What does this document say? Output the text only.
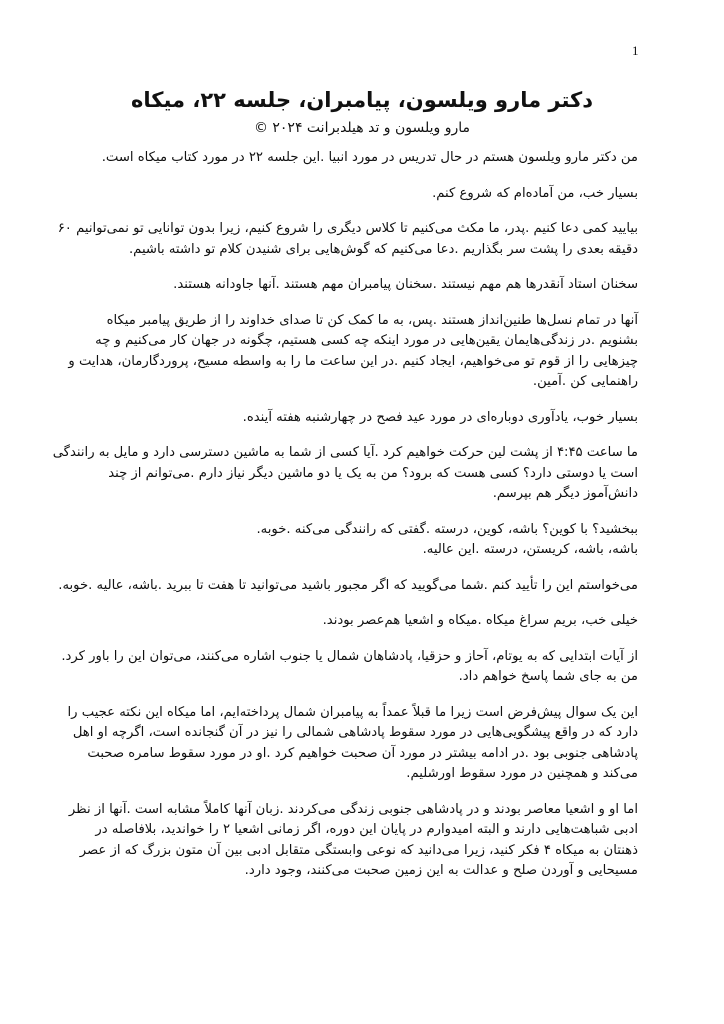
1
دکتر مارو ویلسون، پیامبران، جلسه ۲۲، میکاه
مارو ویلسون و تد هیلدبرانت ۲۰۲۴ ©
من دکتر مارو ویلسون هستم در حال تدریس در مورد انبیا .این جلسه ۲۲ در مورد کتاب میکاه است.
بسیار خب، من آماده‌ام که شروع کنم.
بیایید کمی دعا کنیم .پدر، ما مکث می‌کنیم تا کلاس دیگری را شروع کنیم، زیرا بدون توانایی تو نمی‌توانیم ۶۰
دقیقه بعدی را پشت سر بگذاریم .دعا می‌کنیم که گوش‌هایی برای شنیدن کلام تو داشته باشیم.
سخنان استاد آنقدرها هم مهم نیستند .سخنان پیامبران مهم هستند .آنها جاودانه هستند.
آنها در تمام نسل‌ها طنین‌انداز هستند .پس، به ما کمک کن تا صدای خداوند را از طریق پیامبر میکاه
بشنویم .در زندگی‌هایمان یقین‌هایی در مورد اینکه چه کسی هستیم، چگونه در جهان کار می‌کنیم و چه
چیزهایی را از قوم تو می‌خواهیم، ایجاد کنیم .در این ساعت ما را به واسطه مسیح، پروردگارمان، هدایت و
راهنمایی کن .آمین.
بسیار خوب، یادآوری دوباره‌ای در مورد عید فصح در چهارشنبه هفته آینده.
ما ساعت ۴:۴۵ از پشت لین حرکت خواهیم کرد .آیا کسی از شما به ماشین دسترسی دارد و مایل به رانندگی
است یا دوستی دارد؟ کسی هست که برود؟ من به یک یا دو ماشین دیگر نیاز دارم .می‌توانم از چند
دانش‌آموز دیگر هم بپرسم.
ببخشید؟ با کوین؟ باشه، کوین، درسته .گفتی که رانندگی می‌کنه .خوبه.
باشه، باشه، کریستن، درسته .این عالیه.
می‌خواستم این را تأیید کنم .شما می‌گویید که اگر مجبور باشید می‌توانید تا هفت تا ببرید .باشه، عالیه .خوبه.
خیلی خب، بریم سراغ میکاه .میکاه و اشعیا هم‌عصر بودند.
از آیات ابتدایی که به یوتام، آحاز و حزقیا، پادشاهان شمال یا جنوب اشاره می‌کنند، می‌توان این را باور کرد.
من به جای شما پاسخ خواهم داد.
این یک سوال پیش‌فرض است زیرا ما قبلاً عمداً به پیامبران شمال پرداخته‌ایم، اما میکاه این نکته عجیب را
دارد که در واقع پیشگویی‌هایی در مورد سقوط پادشاهی شمالی را نیز در آن گنجانده است، اگرچه او اهل
پادشاهی جنوبی بود .در ادامه بیشتر در مورد آن صحبت خواهیم کرد .او در مورد سقوط سامره صحبت
می‌کند و همچنین در مورد سقوط اورشلیم.
اما او و اشعیا معاصر بودند و در پادشاهی جنوبی زندگی می‌کردند .زبان آنها کاملاً مشابه است .آنها از نظر
ادبی شباهت‌هایی دارند و البته امیدوارم در پایان این دوره، اگر زمانی اشعیا ۲ را خواندید، بلافاصله در
ذهنتان به میکاه ۴ فکر کنید، زیرا می‌دانید که نوعی وابستگی متقابل ادبی بین آن متون بزرگ که از عصر
مسیحایی و آوردن صلح و عدالت به این زمین صحبت می‌کنند، وجود دارد.
